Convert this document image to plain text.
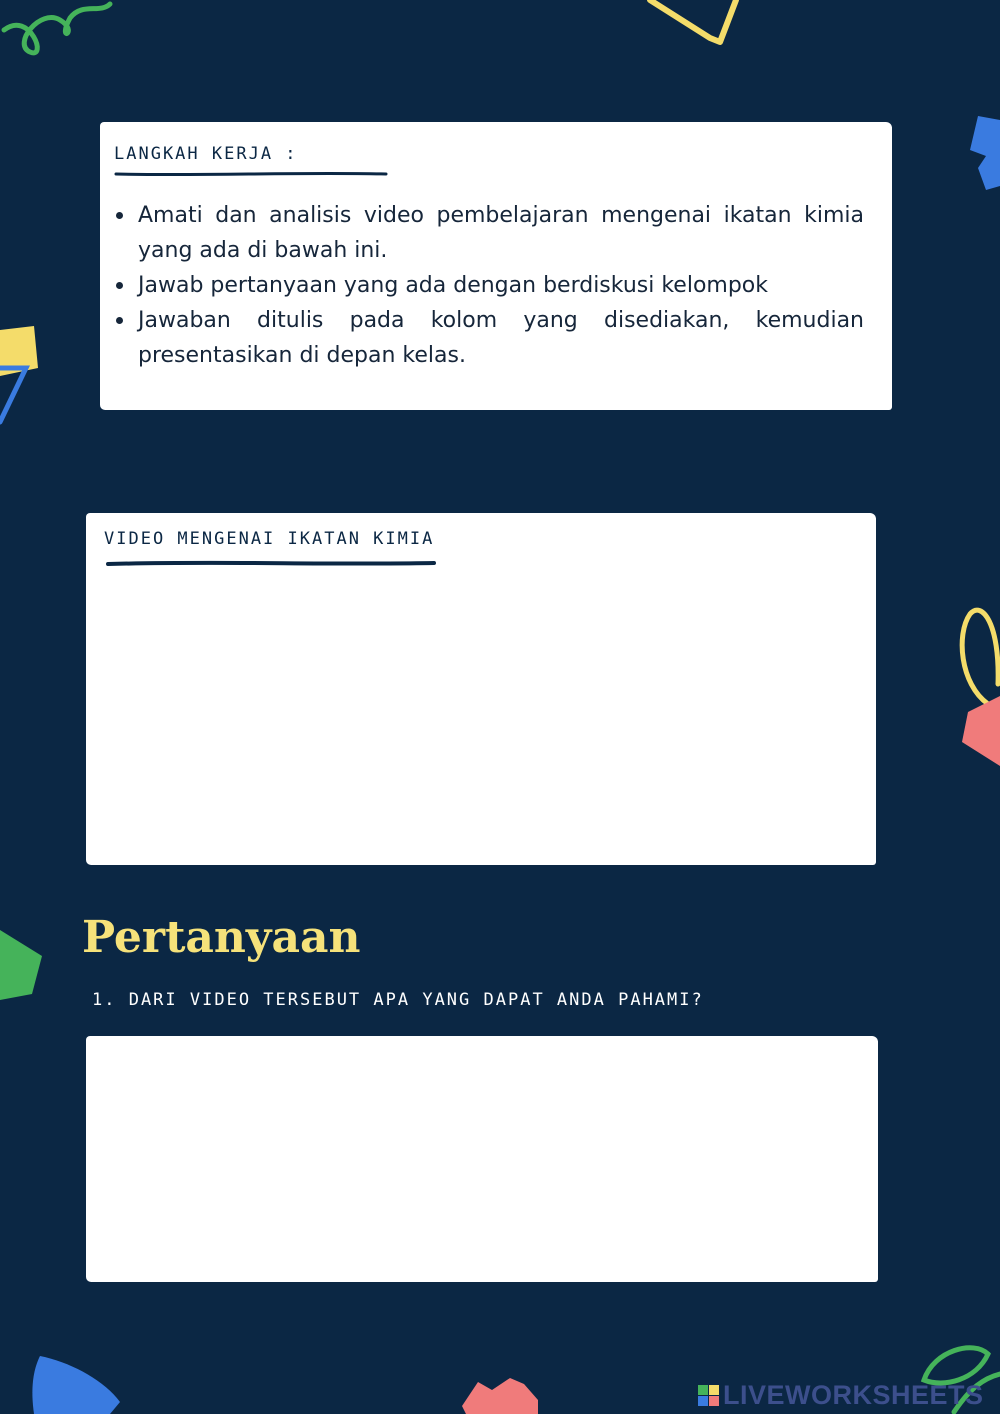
LANGKAH KERJA :
Amati dan analisis video pembelajaran mengenai ikatan kimia yang ada di bawah ini.
Jawab pertanyaan yang ada dengan berdiskusi kelompok
Jawaban ditulis pada kolom yang disediakan, kemudian presentasikan di depan kelas.
VIDEO MENGENAI IKATAN KIMIA
Pertanyaan

1. DARI VIDEO TERSEBUT APA YANG DAPAT ANDA PAHAMI?

LIVEWORKSHEETS
